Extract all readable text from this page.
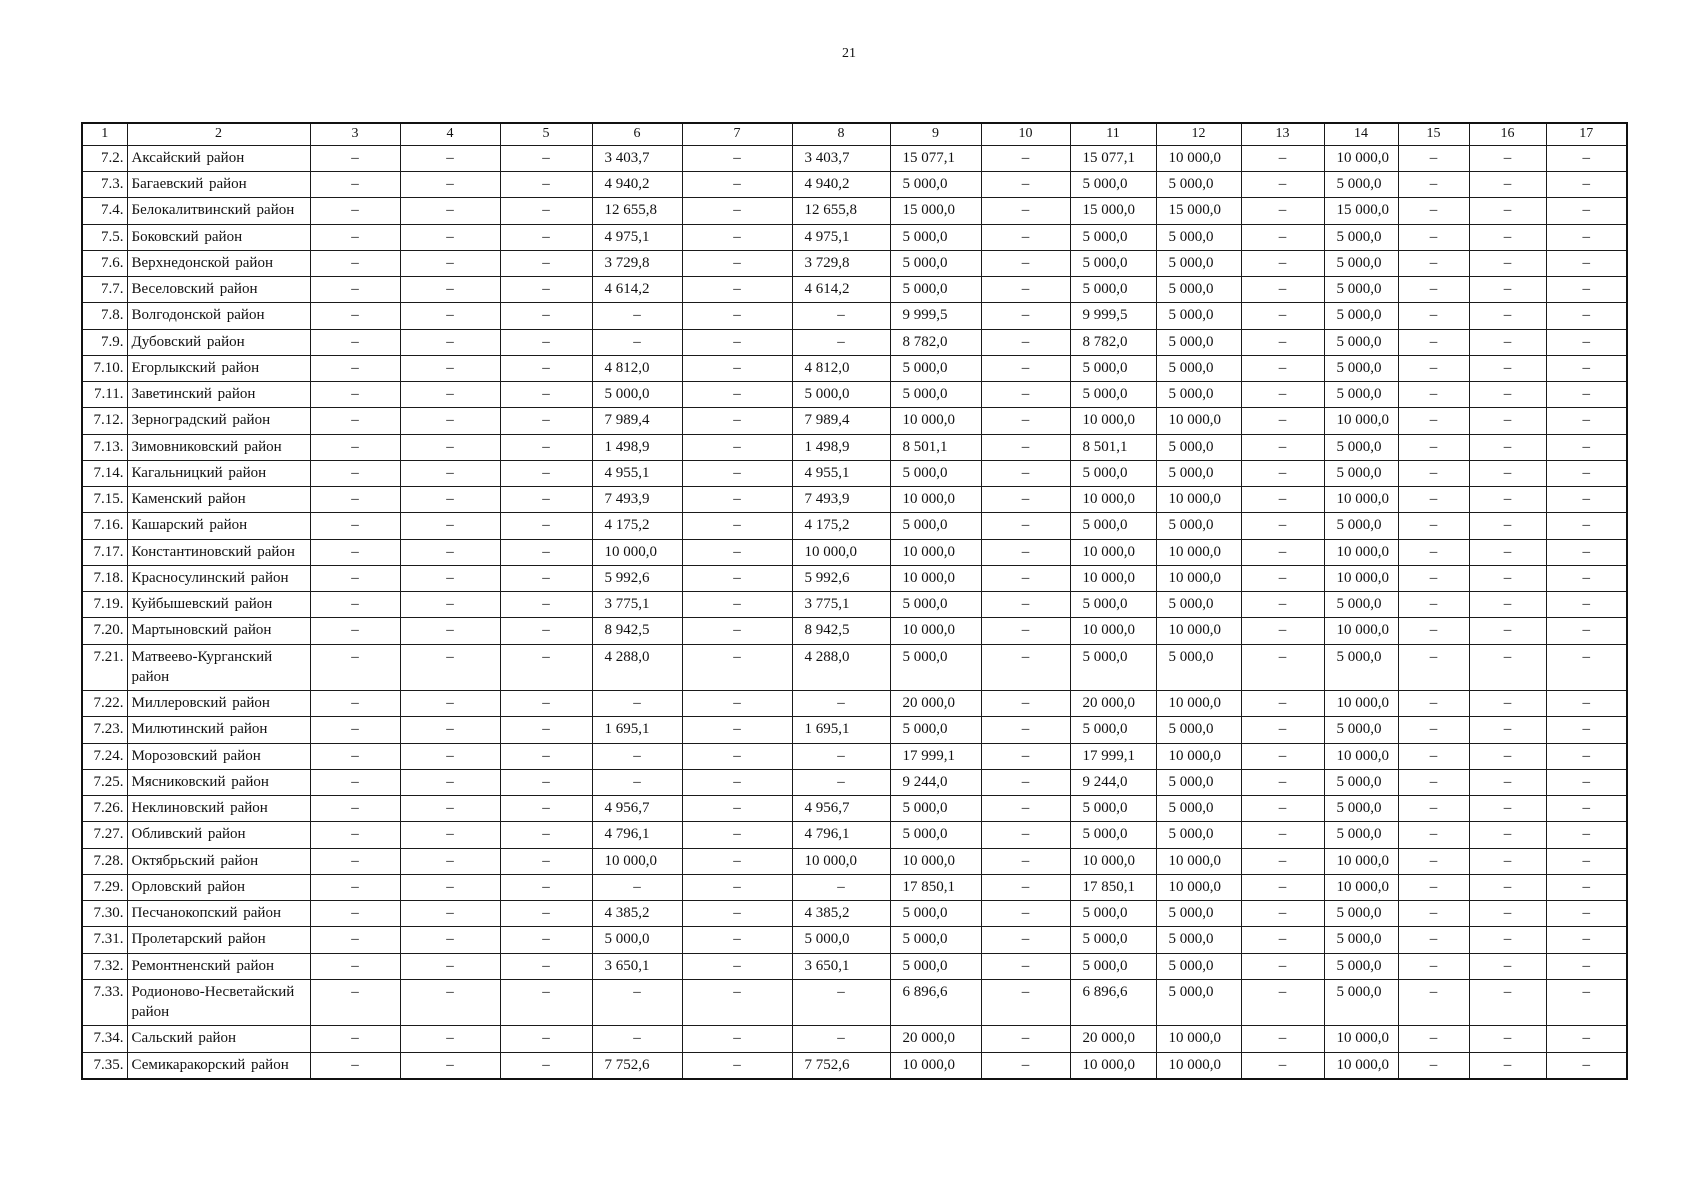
21
1	2	3	4	5	6	7	8	9	10	11	12	13	14	15	16	17
7.2.	Аксайский район	–	–	–	3 403,7	–	3 403,7	15 077,1	–	15 077,1	10 000,0	–	10 000,0	–	–	–
7.3.	Багаевский район	–	–	–	4 940,2	–	4 940,2	5 000,0	–	5 000,0	5 000,0	–	5 000,0	–	–	–
7.4.	Белокалитвинский район	–	–	–	12 655,8	–	12 655,8	15 000,0	–	15 000,0	15 000,0	–	15 000,0	–	–	–
7.5.	Боковский район	–	–	–	4 975,1	–	4 975,1	5 000,0	–	5 000,0	5 000,0	–	5 000,0	–	–	–
7.6.	Верхнедонской район	–	–	–	3 729,8	–	3 729,8	5 000,0	–	5 000,0	5 000,0	–	5 000,0	–	–	–
7.7.	Веселовский район	–	–	–	4 614,2	–	4 614,2	5 000,0	–	5 000,0	5 000,0	–	5 000,0	–	–	–
7.8.	Волгодонской район	–	–	–	–	–	–	9 999,5	–	9 999,5	5 000,0	–	5 000,0	–	–	–
7.9.	Дубовский район	–	–	–	–	–	–	8 782,0	–	8 782,0	5 000,0	–	5 000,0	–	–	–
7.10.	Егорлыкский район	–	–	–	4 812,0	–	4 812,0	5 000,0	–	5 000,0	5 000,0	–	5 000,0	–	–	–
7.11.	Заветинский район	–	–	–	5 000,0	–	5 000,0	5 000,0	–	5 000,0	5 000,0	–	5 000,0	–	–	–
7.12.	Зерноградский район	–	–	–	7 989,4	–	7 989,4	10 000,0	–	10 000,0	10 000,0	–	10 000,0	–	–	–
7.13.	Зимовниковский район	–	–	–	1 498,9	–	1 498,9	8 501,1	–	8 501,1	5 000,0	–	5 000,0	–	–	–
7.14.	Кагальницкий район	–	–	–	4 955,1	–	4 955,1	5 000,0	–	5 000,0	5 000,0	–	5 000,0	–	–	–
7.15.	Каменский район	–	–	–	7 493,9	–	7 493,9	10 000,0	–	10 000,0	10 000,0	–	10 000,0	–	–	–
7.16.	Кашарский район	–	–	–	4 175,2	–	4 175,2	5 000,0	–	5 000,0	5 000,0	–	5 000,0	–	–	–
7.17.	Константиновский район	–	–	–	10 000,0	–	10 000,0	10 000,0	–	10 000,0	10 000,0	–	10 000,0	–	–	–
7.18.	Красносулинский район	–	–	–	5 992,6	–	5 992,6	10 000,0	–	10 000,0	10 000,0	–	10 000,0	–	–	–
7.19.	Куйбышевский район	–	–	–	3 775,1	–	3 775,1	5 000,0	–	5 000,0	5 000,0	–	5 000,0	–	–	–
7.20.	Мартыновский район	–	–	–	8 942,5	–	8 942,5	10 000,0	–	10 000,0	10 000,0	–	10 000,0	–	–	–
7.21.	Матвеево-Курганский район	–	–	–	4 288,0	–	4 288,0	5 000,0	–	5 000,0	5 000,0	–	5 000,0	–	–	–
7.22.	Миллеровский район	–	–	–	–	–	–	20 000,0	–	20 000,0	10 000,0	–	10 000,0	–	–	–
7.23.	Милютинский район	–	–	–	1 695,1	–	1 695,1	5 000,0	–	5 000,0	5 000,0	–	5 000,0	–	–	–
7.24.	Морозовский район	–	–	–	–	–	–	17 999,1	–	17 999,1	10 000,0	–	10 000,0	–	–	–
7.25.	Мясниковский район	–	–	–	–	–	–	9 244,0	–	9 244,0	5 000,0	–	5 000,0	–	–	–
7.26.	Неклиновский район	–	–	–	4 956,7	–	4 956,7	5 000,0	–	5 000,0	5 000,0	–	5 000,0	–	–	–
7.27.	Обливский район	–	–	–	4 796,1	–	4 796,1	5 000,0	–	5 000,0	5 000,0	–	5 000,0	–	–	–
7.28.	Октябрьский район	–	–	–	10 000,0	–	10 000,0	10 000,0	–	10 000,0	10 000,0	–	10 000,0	–	–	–
7.29.	Орловский район	–	–	–	–	–	–	17 850,1	–	17 850,1	10 000,0	–	10 000,0	–	–	–
7.30.	Песчанокопский район	–	–	–	4 385,2	–	4 385,2	5 000,0	–	5 000,0	5 000,0	–	5 000,0	–	–	–
7.31.	Пролетарский район	–	–	–	5 000,0	–	5 000,0	5 000,0	–	5 000,0	5 000,0	–	5 000,0	–	–	–
7.32.	Ремонтненский район	–	–	–	3 650,1	–	3 650,1	5 000,0	–	5 000,0	5 000,0	–	5 000,0	–	–	–
7.33.	Родионово-Несветайский район	–	–	–	–	–	–	6 896,6	–	6 896,6	5 000,0	–	5 000,0	–	–	–
7.34.	Сальский район	–	–	–	–	–	–	20 000,0	–	20 000,0	10 000,0	–	10 000,0	–	–	–
7.35.	Семикаракорский район	–	–	–	7 752,6	–	7 752,6	10 000,0	–	10 000,0	10 000,0	–	10 000,0	–	–	–
